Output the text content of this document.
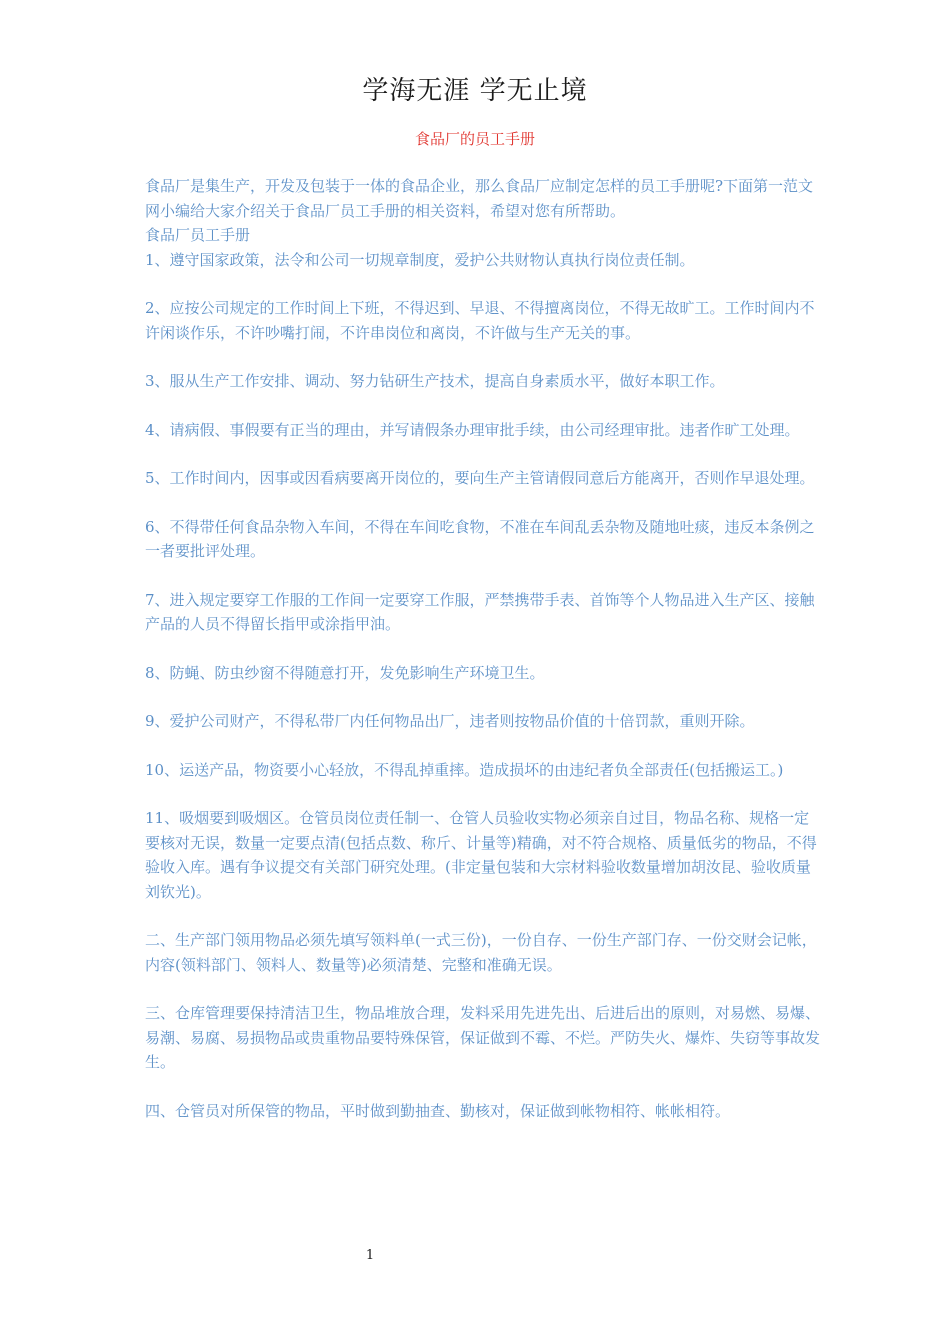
学海无涯 学无止境
食品厂的员工手册

食品厂是集生产，开发及包装于一体的食品企业，那么食品厂应制定怎样的员工手册呢?下面第一范文网小编给大家介绍关于食品厂员工手册的相关资料，希望对您有所帮助。

食品厂员工手册

1、遵守国家政策，法令和公司一切规章制度，爱护公共财物认真执行岗位责任制。

2、应按公司规定的工作时间上下班，不得迟到、早退、不得擅离岗位，不得无故旷工。工作时间内不许闲谈作乐，不许吵嘴打闹，不许串岗位和离岗，不许做与生产无关的事。

3、服从生产工作安排、调动、努力钻研生产技术，提高自身素质水平，做好本职工作。

4、请病假、事假要有正当的理由，并写请假条办理审批手续，由公司经理审批。违者作旷工处理。

5、工作时间内，因事或因看病要离开岗位的，要向生产主管请假同意后方能离开，否则作早退处理。

6、不得带任何食品杂物入车间，不得在车间吃食物，不准在车间乱丢杂物及随地吐痰，违反本条例之一者要批评处理。

7、进入规定要穿工作服的工作间一定要穿工作服，严禁携带手表、首饰等个人物品进入生产区、接触产品的人员不得留长指甲或涂指甲油。

8、防蝇、防虫纱窗不得随意打开，发免影响生产环境卫生。

9、爱护公司财产，不得私带厂内任何物品出厂，违者则按物品价值的十倍罚款，重则开除。

10、运送产品，物资要小心轻放，不得乱掉重摔。造成损坏的由违纪者负全部责任(包括搬运工。)

11、吸烟要到吸烟区。仓管员岗位责任制一、仓管人员验收实物必须亲自过目，物品名称、规格一定要核对无误，数量一定要点清(包括点数、称斤、计量等)精确，对不符合规格、质量低劣的物品，不得验收入库。遇有争议提交有关部门研究处理。(非定量包装和大宗材料验收数量增加胡汝昆、验收质量刘钦光)。

二、生产部门领用物品必须先填写领料单(一式三份)，一份自存、一份生产部门存、一份交财会记帐，内容(领料部门、领料人、数量等)必须清楚、完整和准确无误。

三、仓库管理要保持清洁卫生，物品堆放合理，发料采用先进先出、后进后出的原则，对易燃、易爆、易潮、易腐、易损物品或贵重物品要特殊保管，保证做到不霉、不烂。严防失火、爆炸、失窃等事故发生。

四、仓管员对所保管的物品，平时做到勤抽查、勤核对，保证做到帐物相符、帐帐相符。

1
